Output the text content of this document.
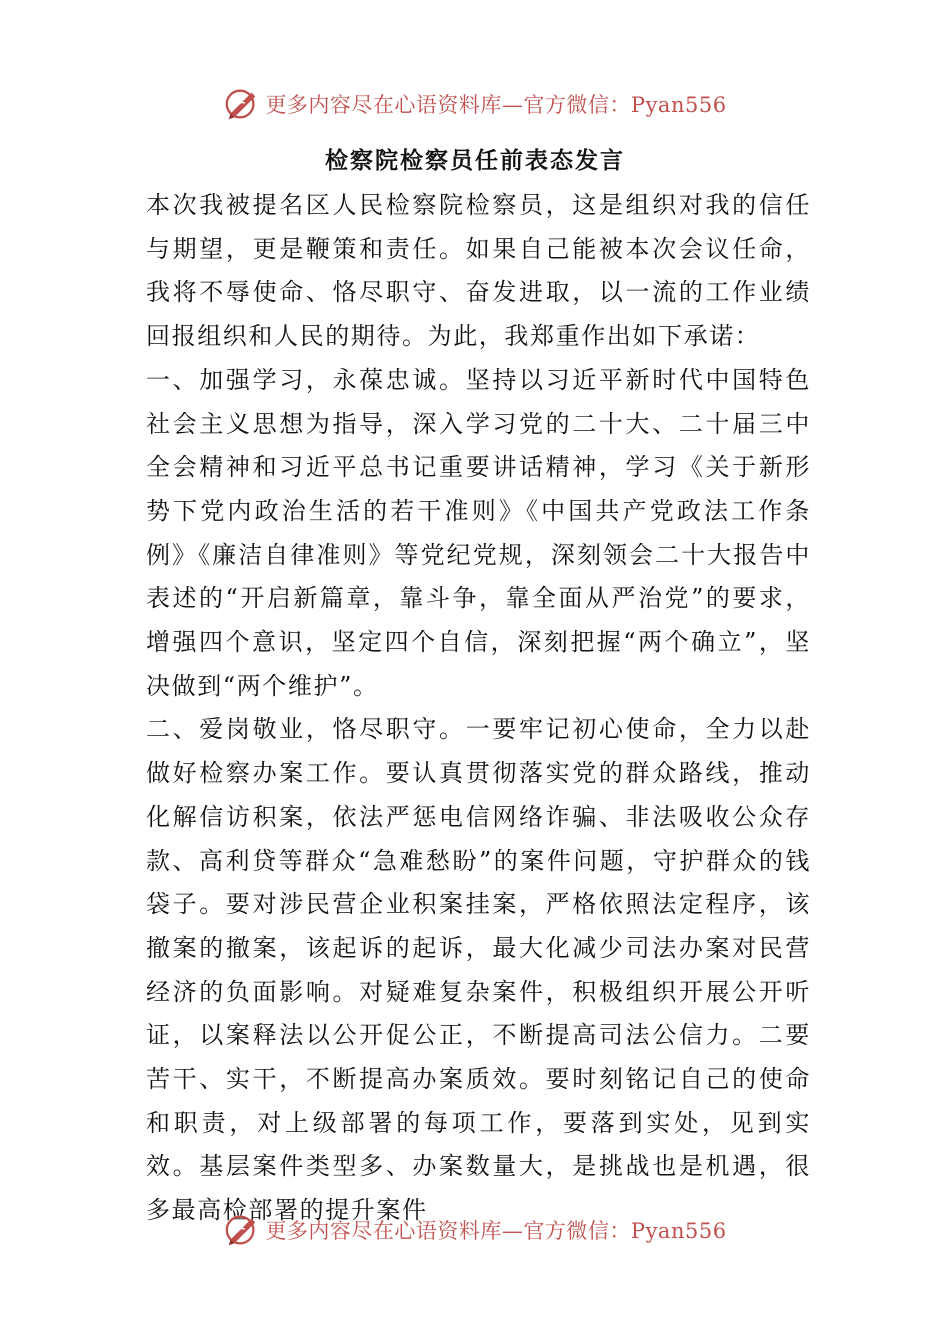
更多内容尽在心语资料库—官方微信：Pyan556
检察院检察员任前表态发言

本次我被提名区人民检察院检察员，这是组织对我的信任与期望，更是鞭策和责任。如果自己能被本次会议任命，我将不辱使命、恪尽职守、奋发进取，以一流的工作业绩回报组织和人民的期待。为此，我郑重作出如下承诺：

一、加强学习，永葆忠诚。坚持以习近平新时代中国特色社会主义思想为指导，深入学习党的二十大、二十届三中全会精神和习近平总书记重要讲话精神，学习《关于新形势下党内政治生活的若干准则》《中国共产党政法工作条例》《廉洁自律准则》等党纪党规，深刻领会二十大报告中表述的“开启新篇章，靠斗争，靠全面从严治党”的要求，增强四个意识，坚定四个自信，深刻把握“两个确立”，坚决做到“两个维护”。

二、爱岗敬业，恪尽职守。一要牢记初心使命，全力以赴做好检察办案工作。要认真贯彻落实党的群众路线，推动化解信访积案，依法严惩电信网络诈骗、非法吸收公众存款、高利贷等群众“急难愁盼”的案件问题，守护群众的钱袋子。要对涉民营企业积案挂案，严格依照法定程序，该撤案的撤案，该起诉的起诉，最大化减少司法办案对民营经济的负面影响。对疑难复杂案件，积极组织开展公开听证，以案释法以公开促公正，不断提高司法公信力。二要苦干、实干，不断提高办案质效。要时刻铭记自己的使命和职责，对上级部署的每项工作，要落到实处，见到实效。基层案件类型多、办案数量大，是挑战也是机遇，很多最高检部署的提升案件

更多内容尽在心语资料库—官方微信：Pyan556
